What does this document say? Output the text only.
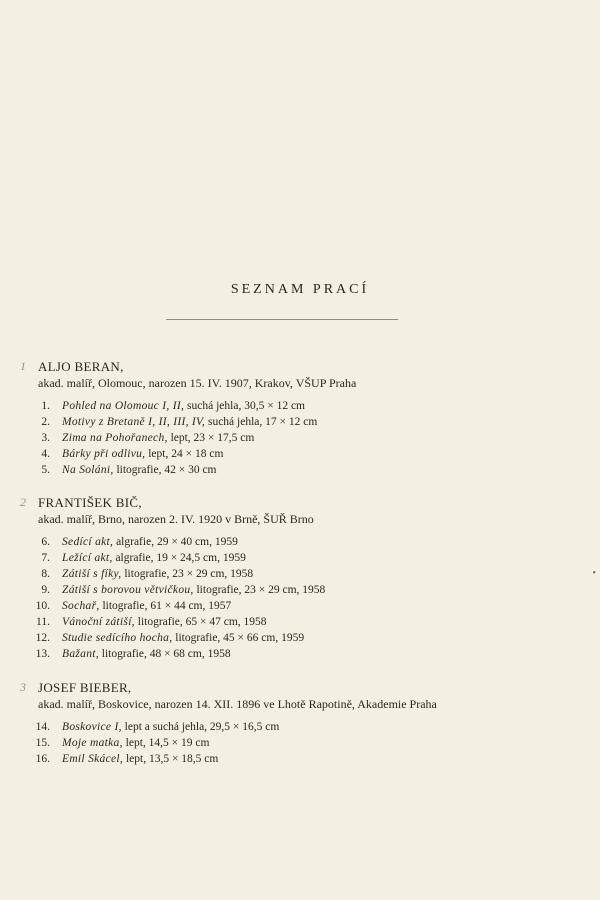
SEZNAM PRACÍ
•
1 ALJO BERAN,
akad. malíř, Olomouc, narozen 15. IV. 1907, Krakov, VŠUP Praha
1. Pohled na Olomouc I, II, suchá jehla, 30,5 × 12 cm
2. Motivy z Bretaně I, II, III, IV, suchá jehla, 17 × 12 cm
3. Zima na Pohořanech, lept, 23 × 17,5 cm
4. Bárky při odlivu, lept, 24 × 18 cm
5. Na Soláni, litografie, 42 × 30 cm
2 FRANTIŠEK BIČ,
akad. malíř, Brno, narozen 2. IV. 1920 v Brně, ŠUŘ Brno
6. Sedící akt, algrafie, 29 × 40 cm, 1959
7. Ležící akt, algrafie, 19 × 24,5 cm, 1959
8. Zátiší s fíky, litografie, 23 × 29 cm, 1958
9. Zátiší s borovou větvičkou, litografie, 23 × 29 cm, 1958
10. Sochař, litografie, 61 × 44 cm, 1957
11. Vánoční zátiší, litografie, 65 × 47 cm, 1958
12. Studie sedícího hocha, litografie, 45 × 66 cm, 1959
13. Bažant, litografie, 48 × 68 cm, 1958
3 JOSEF BIEBER,
akad. malíř, Boskovice, narozen 14. XII. 1896 ve Lhotě Rapotině, Akademie Praha
14. Boskovice I, lept a suchá jehla, 29,5 × 16,5 cm
15. Moje matka, lept, 14,5 × 19 cm
16. Emil Skácel, lept, 13,5 × 18,5 cm
